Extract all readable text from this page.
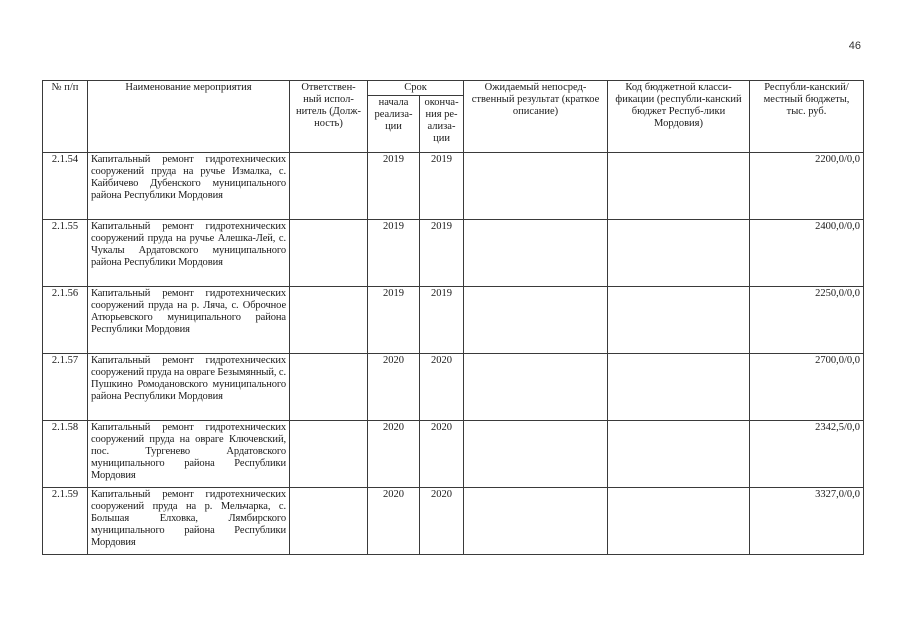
46
№ п/п	Наименование мероприятия	Ответствен-ный испол-нитель (Долж-ность)	Срок		Ожидаемый непосред-ственный результат (краткое описание)	Код бюджетной класси-фикации (республи-канский бюджет Респуб-лики Мордовия)	Республи-канский/местный бюджеты, тыс. руб.
			начала реализа-ции	оконча-ния ре-ализа-ции			
2.1.54	Капитальный ремонт гидротехнических сооружений пруда на ручье Измалка, с. Кайбичево Дубенского муниципального района Республики Мордовия		2019	2019			2200,0/0,0
2.1.55	Капитальный ремонт гидротехнических сооружений пруда на ручье Алешка-Лей, с. Чукалы Ардатовского муниципального района Республики Мордовия		2019	2019			2400,0/0,0
2.1.56	Капитальный ремонт гидротехнических сооружений пруда на р. Ляча, с. Оброчное Атюрьевского муниципального района Республики Мордовия		2019	2019			2250,0/0,0
2.1.57	Капитальный ремонт гидротехнических сооружений пруда на овраге Безымянный, с. Пушкино Ромодановского муниципального района Республики Мордовия		2020	2020			2700,0/0,0
2.1.58	Капитальный ремонт гидротехнических сооружений пруда на овраге Ключевский, пос. Тургенево Ардатовского муниципального района Республики Мордовия		2020	2020			2342,5/0,0
2.1.59	Капитальный ремонт гидротехнических сооружений пруда на р. Мельчарка, с. Большая Елховка, Лямбирского муниципального района Республики Мордовия		2020	2020			3327,0/0,0
